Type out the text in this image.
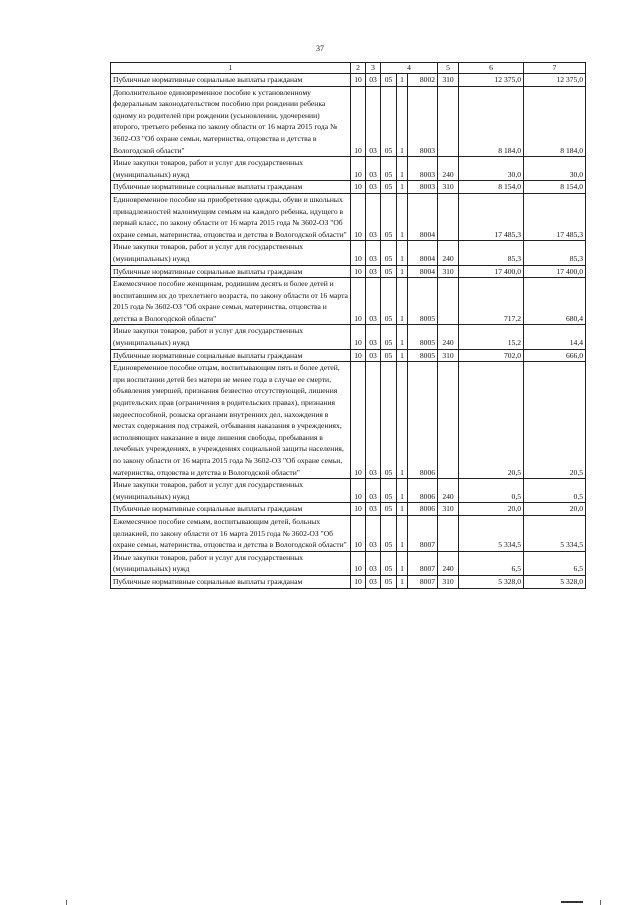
37
1	2	3	4			5	6	7
Публичные нормативные социальные выплаты гражданам	10	03	05	1	8002	310	12 375,0	12 375,0
Дополнительное единовременное пособие к установленному федеральным законодательством пособию при рождении ребенка одному из родителей при рождении (усыновлении, удочерении) второго, третьего ребенка по закону области от 16 марта 2015 года № 3602-ОЗ "Об охране семьи, материнства, отцовства и детства в Вологодской области"	10	03	05	1	8003		8 184,0	8 184,0
Иные закупки товаров, работ и услуг для государственных (муниципальных) нужд	10	03	05	1	8003	240	30,0	30,0
Публичные нормативные социальные выплаты гражданам	10	03	05	1	8003	310	8 154,0	8 154,0
Единовременное пособие на приобретение одежды, обуви и школьных принадлежностей малоимущим семьям на каждого ребенка, идущего в первый класс, по закону области от 16 марта 2015 года № 3602-ОЗ "Об охране семьи, материнства, отцовства и детства в Вологодской области"	10	03	05	1	8004		17 485,3	17 485,3
Иные закупки товаров, работ и услуг для государственных (муниципальных) нужд	10	03	05	1	8004	240	85,3	85,3
Публичные нормативные социальные выплаты гражданам	10	03	05	1	8004	310	17 400,0	17 400,0
Ежемесячное пособие женщинам, родившим десять и более детей и воспитавшим их до трехлетнего возраста, по закону области от 16 марта 2015 года № 3602-ОЗ "Об охране семьи, материнства, отцовства и детства в Вологодской области"	10	03	05	1	8005		717,2	680,4
Иные закупки товаров, работ и услуг для государственных (муниципальных) нужд	10	03	05	1	8005	240	15,2	14,4
Публичные нормативные социальные выплаты гражданам	10	03	05	1	8005	310	702,0	666,0
Единовременное пособие отцам, воспитывающим пять и более детей, при воспитании детей без матери не менее года в случае ее смерти, объявления умершей, признания безвестно отсутствующей, лишения родительских прав (ограничения в родительских правах), признания недееспособной, розыска органами внутренних дел, нахождения в местах содержания под стражей, отбывания наказания в учреждениях, исполняющих наказание в виде лишения свободы, пребывания в лечебных учреждениях, в учреждениях социальной защиты населения, по закону области от 16 марта 2015 года № 3602-ОЗ "Об охране семьи, материнства, отцовства и детства в Вологодской области"	10	03	05	1	8006		20,5	20,5
Иные закупки товаров, работ и услуг для государственных (муниципальных) нужд	10	03	05	1	8006	240	0,5	0,5
Публичные нормативные социальные выплаты гражданам	10	03	05	1	8006	310	20,0	20,0
Ежемесячное пособие семьям, воспитывающим детей, больных целиакией, по закону области от 16 марта 2015 года № 3602-ОЗ "Об охране семьи, материнства, отцовства и детства в Вологодской области"	10	03	05	1	8007		5 334,5	5 334,5
Иные закупки товаров, работ и услуг для государственных (муниципальных) нужд	10	03	05	1	8007	240	6,5	6,5
Публичные нормативные социальные выплаты гражданам	10	03	05	1	8007	310	5 328,0	5 328,0
